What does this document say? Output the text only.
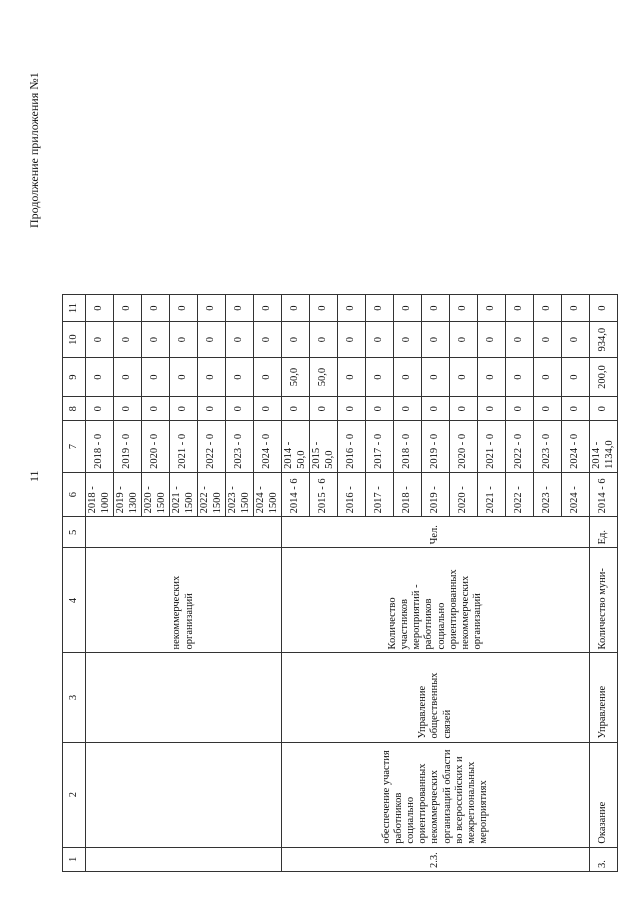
11
Продолжение приложения №1
1	2	3	4	5	6	7	8	9	10	11
			некоммерческих организаций		2018 - 1000	2018 - 0	0	0	0	0
					2019 - 1300	2019 - 0	0	0	0	0
					2020 - 1500	2020 - 0	0	0	0	0
					2021 - 1500	2021 - 0	0	0	0	0
					2022 - 1500	2022 - 0	0	0	0	0
					2023 - 1500	2023 - 0	0	0	0	0
					2024 - 1500	2024 - 0	0	0	0	0
2.3.	обеспечение участия работников социально ориентированных некоммерческих организаций области во всероссийских и межрегиональных мероприятиях	Управление общественных связей	Количество участников мероприятий - работников социально ориентированных некоммерческих организаций	Чел.	2014 - 6	2014 - 50,0	0	50,0	0	0
					2015 - 6	2015 - 50,0	0	50,0	0	0
					2016 -	2016 - 0	0	0	0	0
					2017 -	2017 - 0	0	0	0	0
					2018 -	2018 - 0	0	0	0	0
					2019 -	2019 - 0	0	0	0	0
					2020 -	2020 - 0	0	0	0	0
					2021 -	2021 - 0	0	0	0	0
					2022 -	2022 - 0	0	0	0	0
					2023 -	2023 - 0	0	0	0	0
					2024 -	2024 - 0	0	0	0	0
3.	Оказание	Управление	Количество муни-	Ед.	2014 - 6	2014 - 1134,0	0	200,0	934,0	0
